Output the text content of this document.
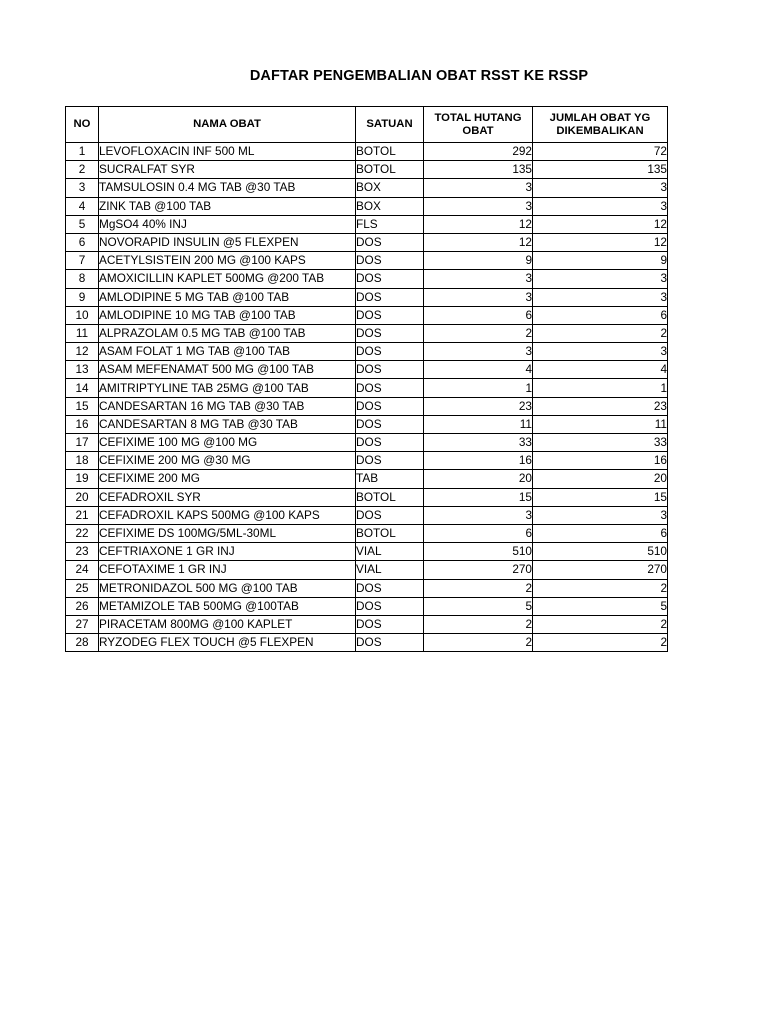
DAFTAR PENGEMBALIAN OBAT RSST KE RSSP
NO	NAMA OBAT	SATUAN	TOTAL HUTANG OBAT	JUMLAH OBAT YG DIKEMBALIKAN
1	LEVOFLOXACIN INF 500 ML	BOTOL	292	72
2	SUCRALFAT SYR	BOTOL	135	135
3	TAMSULOSIN 0.4 MG TAB @30 TAB	BOX	3	3
4	ZINK TAB @100 TAB	BOX	3	3
5	MgSO4 40% INJ	FLS	12	12
6	NOVORAPID INSULIN @5 FLEXPEN	DOS	12	12
7	ACETYLSISTEIN 200 MG @100 KAPS	DOS	9	9
8	AMOXICILLIN KAPLET 500MG @200 TAB	DOS	3	3
9	AMLODIPINE 5 MG TAB @100 TAB	DOS	3	3
10	AMLODIPINE 10 MG TAB @100 TAB	DOS	6	6
11	ALPRAZOLAM 0.5 MG TAB @100 TAB	DOS	2	2
12	ASAM FOLAT 1 MG TAB @100 TAB	DOS	3	3
13	ASAM MEFENAMAT 500 MG @100 TAB	DOS	4	4
14	AMITRIPTYLINE TAB 25MG @100 TAB	DOS	1	1
15	CANDESARTAN 16 MG TAB @30 TAB	DOS	23	23
16	CANDESARTAN 8 MG TAB @30 TAB	DOS	11	11
17	CEFIXIME 100 MG @100 MG	DOS	33	33
18	CEFIXIME 200 MG @30 MG	DOS	16	16
19	CEFIXIME 200 MG	TAB	20	20
20	CEFADROXIL SYR	BOTOL	15	15
21	CEFADROXIL KAPS 500MG @100 KAPS	DOS	3	3
22	CEFIXIME DS 100MG/5ML-30ML	BOTOL	6	6
23	CEFTRIAXONE 1 GR INJ	VIAL	510	510
24	CEFOTAXIME 1 GR INJ	VIAL	270	270
25	METRONIDAZOL 500 MG @100 TAB	DOS	2	2
26	METAMIZOLE TAB 500MG @100TAB	DOS	5	5
27	PIRACETAM 800MG @100 KAPLET	DOS	2	2
28	RYZODEG FLEX TOUCH @5 FLEXPEN	DOS	2	2
